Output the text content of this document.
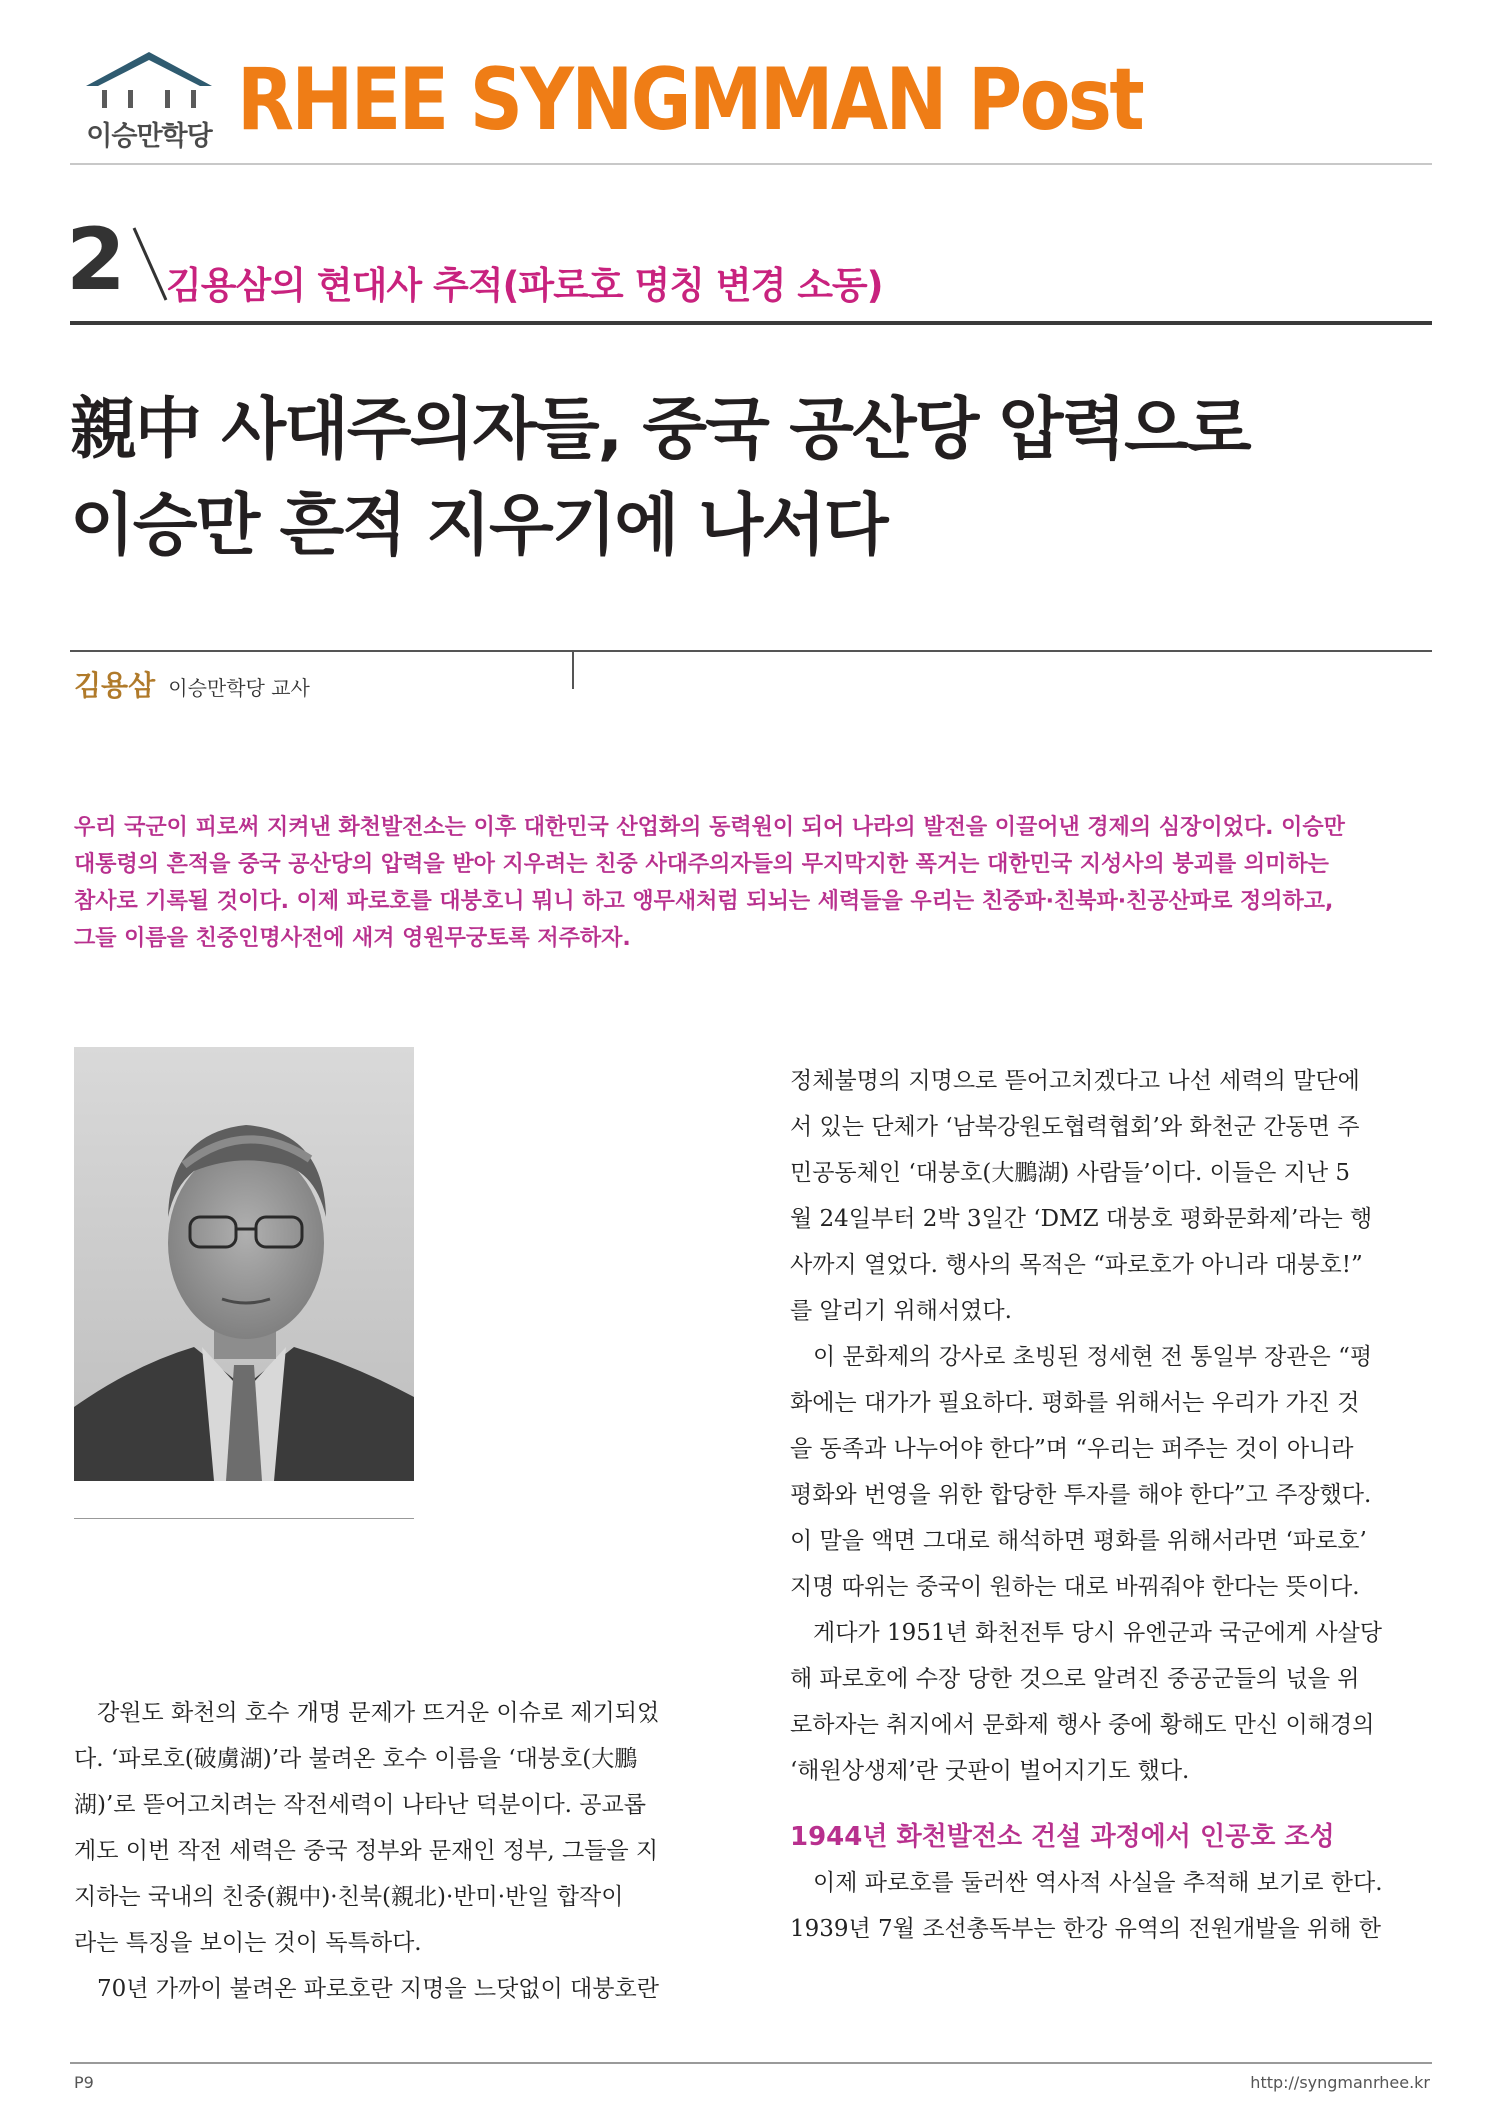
이승만학당 RHEE SYNGMMAN Post
2 김용삼의 현대사 추적(파로호 명칭 변경 소동)
親中 사대주의자들, 중국 공산당 압력으로
이승만 흔적 지우기에 나서다
김용삼 이승만학당 교사
우리 국군이 피로써 지켜낸 화천발전소는 이후 대한민국 산업화의 동력원이 되어 나라의 발전을 이끌어낸 경제의 심장이었다. 이승만
대통령의 흔적을 중국 공산당의 압력을 받아 지우려는 친중 사대주의자들의 무지막지한 폭거는 대한민국 지성사의 붕괴를 의미하는
참사로 기록될 것이다. 이제 파로호를 대붕호니 뭐니 하고 앵무새처럼 되뇌는 세력들을 우리는 친중파·친북파·친공산파로 정의하고,
그들 이름을 친중인명사전에 새겨 영원무궁토록 저주하자.
　강원도 화천의 호수 개명 문제가 뜨거운 이슈로 제기되었
다. ‘파로호(破虜湖)’라 불려온 호수 이름을 ‘대붕호(大鵬
湖)’로 뜯어고치려는 작전세력이 나타난 덕분이다. 공교롭
게도 이번 작전 세력은 중국 정부와 문재인 정부, 그들을 지
지하는 국내의 친중(親中)·친북(親北)·반미·반일 합작이
라는 특징을 보이는 것이 독특하다.
　70년 가까이 불려온 파로호란 지명을 느닷없이 대붕호란
정체불명의 지명으로 뜯어고치겠다고 나선 세력의 말단에
서 있는 단체가 ‘남북강원도협력협회’와 화천군 간동면 주
민공동체인 ‘대붕호(大鵬湖) 사람들’이다. 이들은 지난 5
월 24일부터 2박 3일간 ‘DMZ 대붕호 평화문화제’라는 행
사까지 열었다. 행사의 목적은 “파로호가 아니라 대붕호!”
를 알리기 위해서였다.
　이 문화제의 강사로 초빙된 정세현 전 통일부 장관은 “평
화에는 대가가 필요하다. 평화를 위해서는 우리가 가진 것
을 동족과 나누어야 한다”며 “우리는 퍼주는 것이 아니라
평화와 번영을 위한 합당한 투자를 해야 한다”고 주장했다.
이 말을 액면 그대로 해석하면 평화를 위해서라면 ‘파로호’
지명 따위는 중국이 원하는 대로 바꿔줘야 한다는 뜻이다.
　게다가 1951년 화천전투 당시 유엔군과 국군에게 사살당
해 파로호에 수장 당한 것으로 알려진 중공군들의 넋을 위
로하자는 취지에서 문화제 행사 중에 황해도 만신 이해경의
‘해원상생제’란 굿판이 벌어지기도 했다.
1944년 화천발전소 건설 과정에서 인공호 조성
　이제 파로호를 둘러싼 역사적 사실을 추적해 보기로 한다.
1939년 7월 조선총독부는 한강 유역의 전원개발을 위해 한
P9	http://syngmanrhee.kr
